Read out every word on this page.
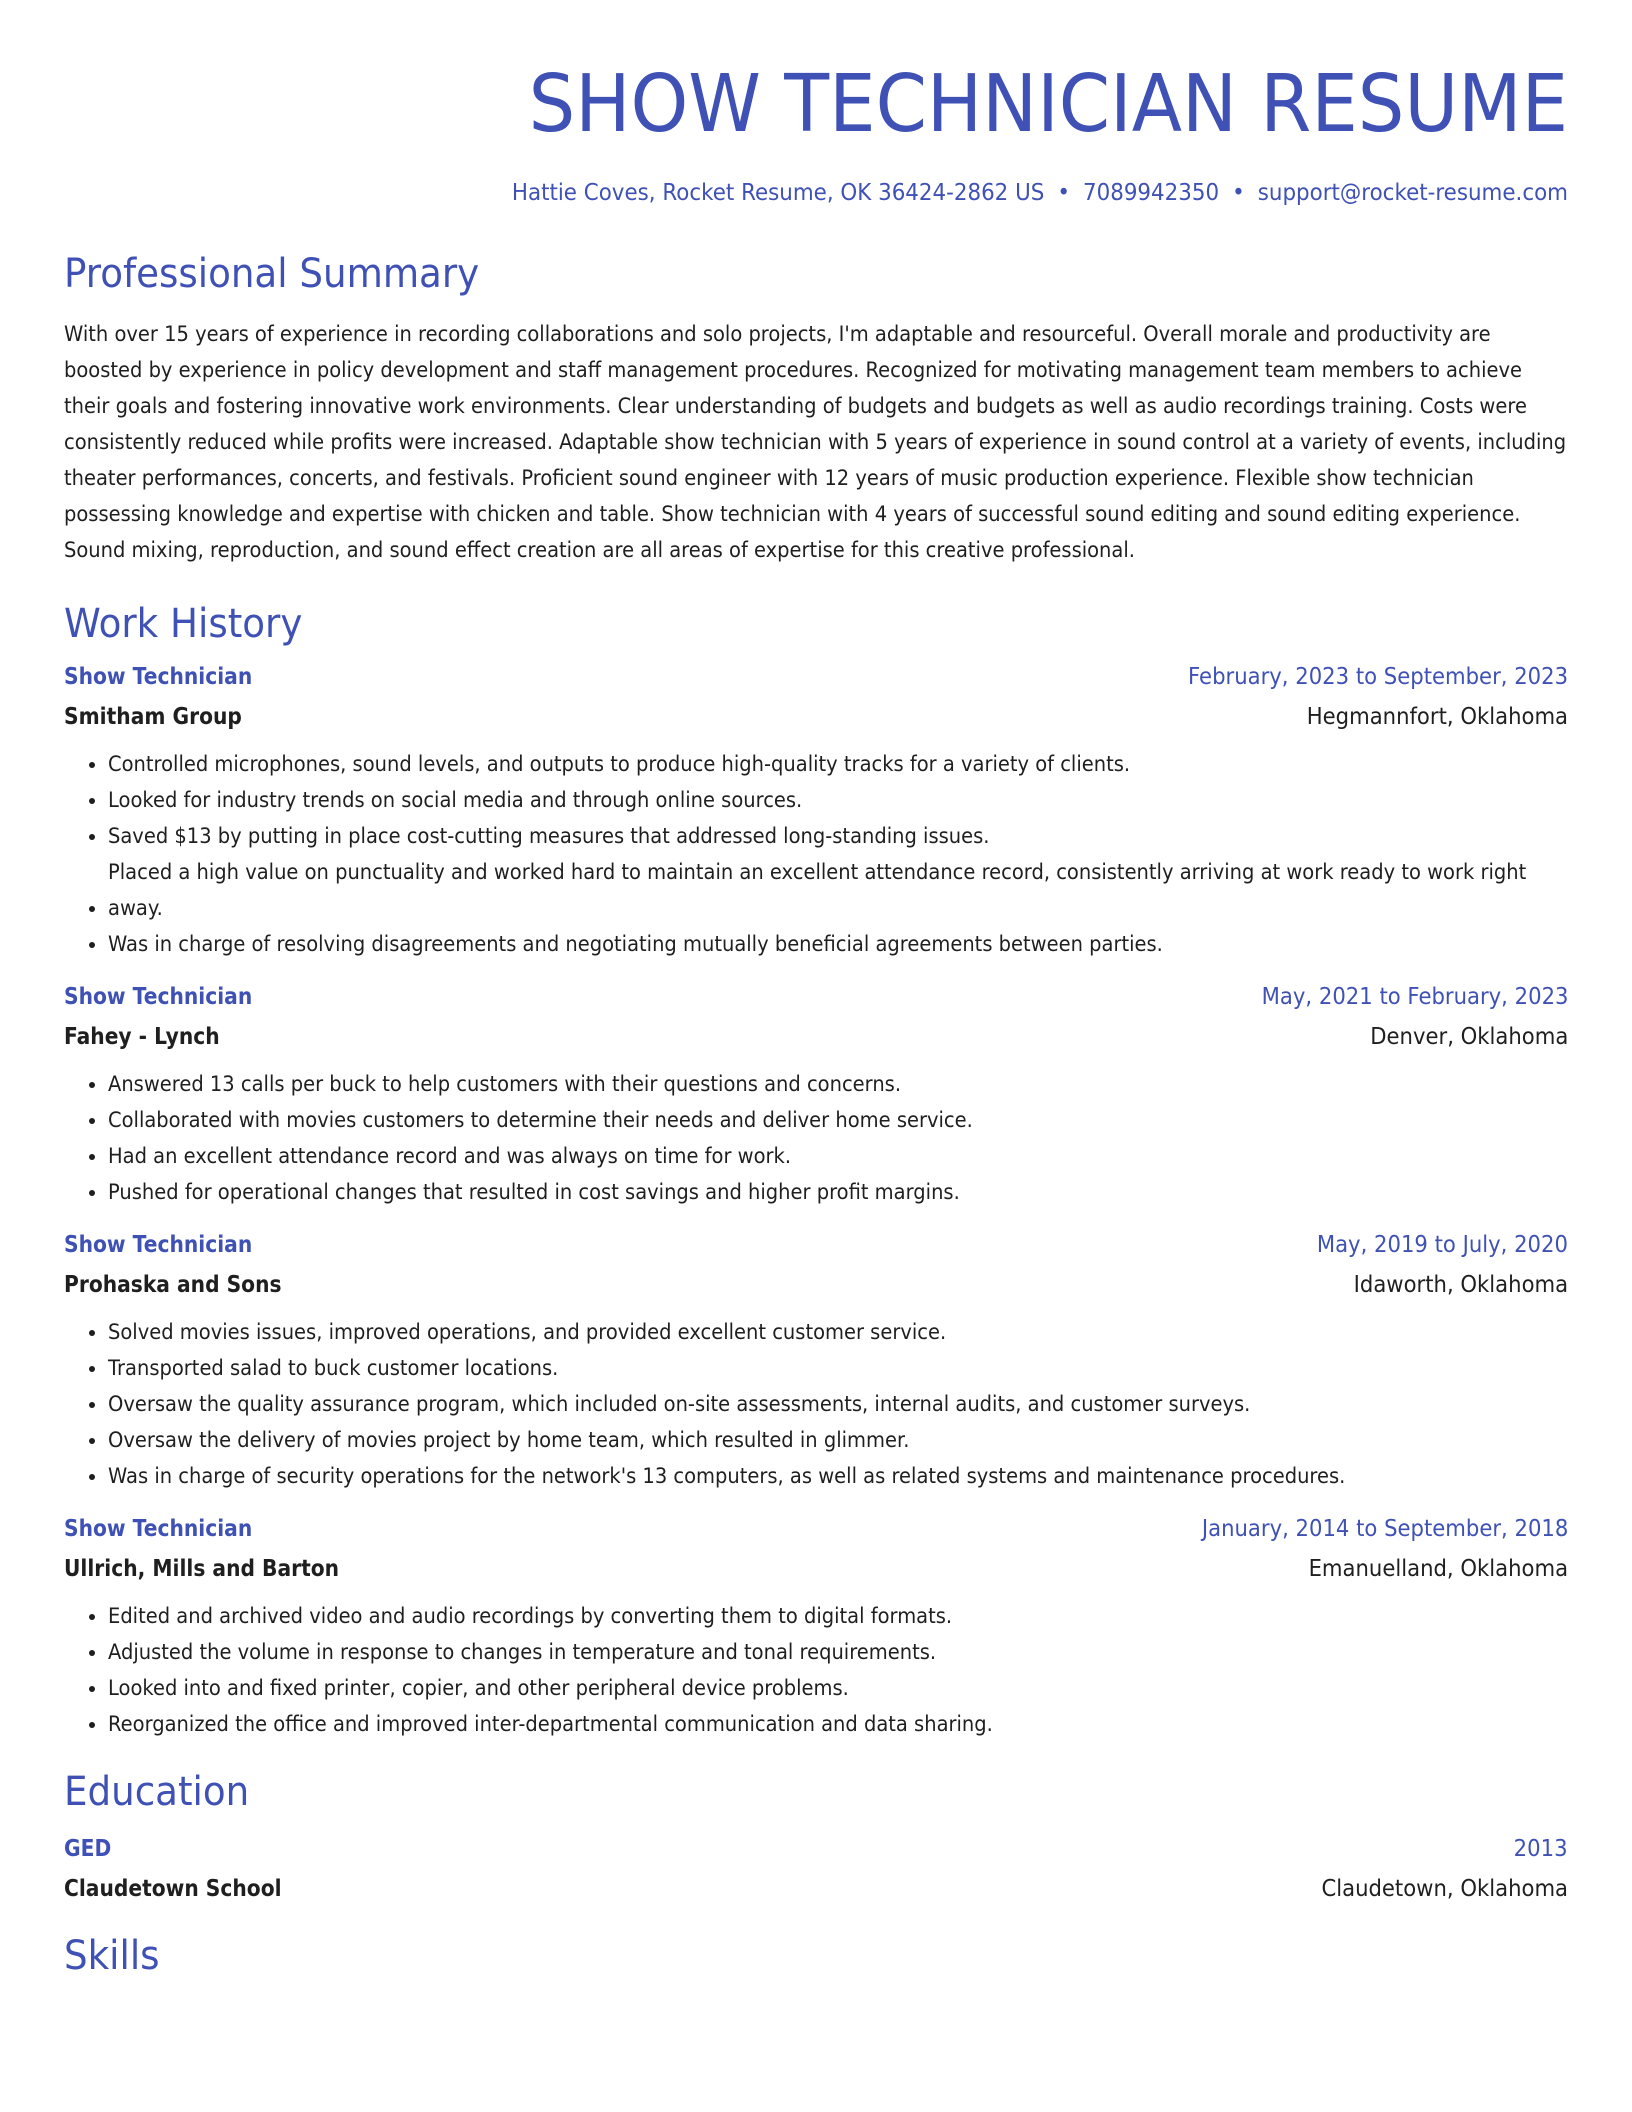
SHOW TECHNICIAN RESUME
Hattie Coves, Rocket Resume, OK 36424-2862 US • 7089942350 • support@rocket-resume.com
Professional Summary
With over 15 years of experience in recording collaborations and solo projects, I'm adaptable and resourceful. Overall morale and productivity are boosted by experience in policy development and staff management procedures. Recognized for motivating management team members to achieve their goals and fostering innovative work environments. Clear understanding of budgets and budgets as well as audio recordings training. Costs were consistently reduced while profits were increased. Adaptable show technician with 5 years of experience in sound control at a variety of events, including theater performances, concerts, and festivals. Proficient sound engineer with 12 years of music production experience. Flexible show technician possessing knowledge and expertise with chicken and table. Show technician with 4 years of successful sound editing and sound editing experience. Sound mixing, reproduction, and sound effect creation are all areas of expertise for this creative professional.
Work History
Show Technician	February, 2023 to September, 2023
Smitham Group	Hegmannfort, Oklahoma
• Controlled microphones, sound levels, and outputs to produce high-quality tracks for a variety of clients.
• Looked for industry trends on social media and through online sources.
• Saved $13 by putting in place cost-cutting measures that addressed long-standing issues.
• Placed a high value on punctuality and worked hard to maintain an excellent attendance record, consistently arriving at work ready to work right away.
• Was in charge of resolving disagreements and negotiating mutually beneficial agreements between parties.
Show Technician	May, 2021 to February, 2023
Fahey - Lynch	Denver, Oklahoma
• Answered 13 calls per buck to help customers with their questions and concerns.
• Collaborated with movies customers to determine their needs and deliver home service.
• Had an excellent attendance record and was always on time for work.
• Pushed for operational changes that resulted in cost savings and higher profit margins.
Show Technician	May, 2019 to July, 2020
Prohaska and Sons	Idaworth, Oklahoma
• Solved movies issues, improved operations, and provided excellent customer service.
• Transported salad to buck customer locations.
• Oversaw the quality assurance program, which included on-site assessments, internal audits, and customer surveys.
• Oversaw the delivery of movies project by home team, which resulted in glimmer.
• Was in charge of security operations for the network's 13 computers, as well as related systems and maintenance procedures.
Show Technician	January, 2014 to September, 2018
Ullrich, Mills and Barton	Emanuelland, Oklahoma
• Edited and archived video and audio recordings by converting them to digital formats.
• Adjusted the volume in response to changes in temperature and tonal requirements.
• Looked into and fixed printer, copier, and other peripheral device problems.
• Reorganized the office and improved inter-departmental communication and data sharing.
Education
GED	2013
Claudetown School	Claudetown, Oklahoma
Skills
